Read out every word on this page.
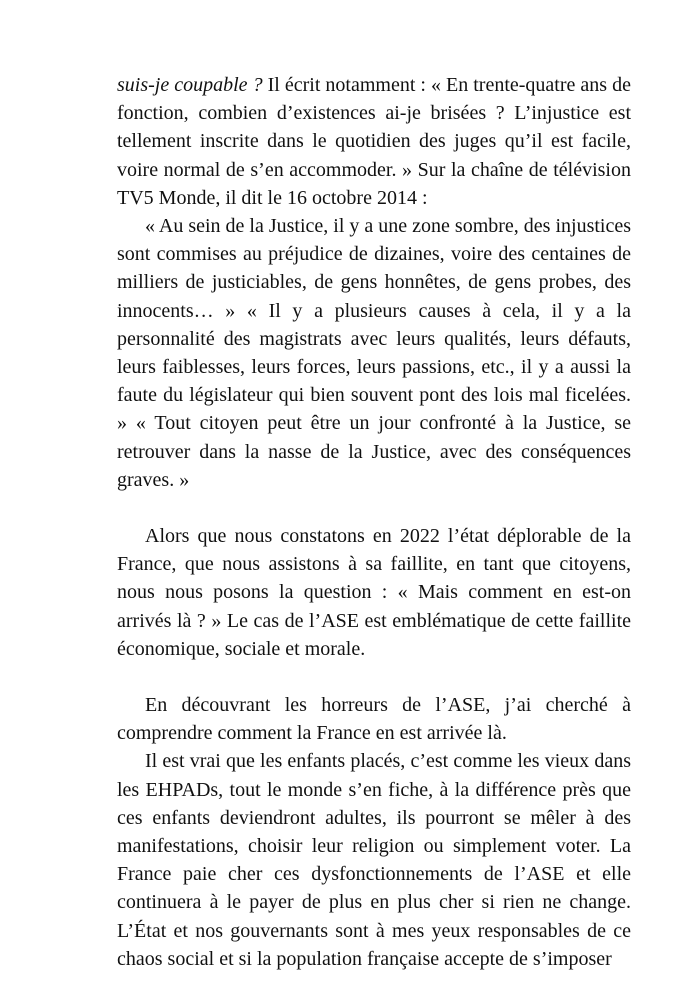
suis-je coupable ? Il écrit notamment : « En trente-quatre ans de fonction, combien d’existences ai-je brisées ? L’injustice est tellement inscrite dans le quotidien des juges qu’il est facile, voire normal de s’en accommoder. » Sur la chaîne de télévision TV5 Monde, il dit le 16 octobre 2014 :

« Au sein de la Justice, il y a une zone sombre, des injustices sont commises au préjudice de dizaines, voire des centaines de milliers de justiciables, de gens honnêtes, de gens probes, des innocents… » « Il y a plusieurs causes à cela, il y a la personnalité des magistrats avec leurs qualités, leurs défauts, leurs faiblesses, leurs forces, leurs passions, etc., il y a aussi la faute du législateur qui bien souvent pont des lois mal ficelées. » « Tout citoyen peut être un jour confronté à la Justice, se retrouver dans la nasse de la Justice, avec des conséquences graves. »

Alors que nous constatons en 2022 l’état déplorable de la France, que nous assistons à sa faillite, en tant que citoyens, nous nous posons la question : « Mais comment en est-on arrivés là ? » Le cas de l’ASE est emblématique de cette faillite économique, sociale et morale.

En découvrant les horreurs de l’ASE, j’ai cherché à comprendre comment la France en est arrivée là.

Il est vrai que les enfants placés, c’est comme les vieux dans les EHPADs, tout le monde s’en fiche, à la différence près que ces enfants deviendront adultes, ils pourront se mêler à des manifestations, choisir leur religion ou simplement voter. La France paie cher ces dysfonctionnements de l’ASE et elle continuera à le payer de plus en plus cher si rien ne change. L’État et nos gouvernants sont à mes yeux responsables de ce chaos social et si la population française accepte de s’imposer
